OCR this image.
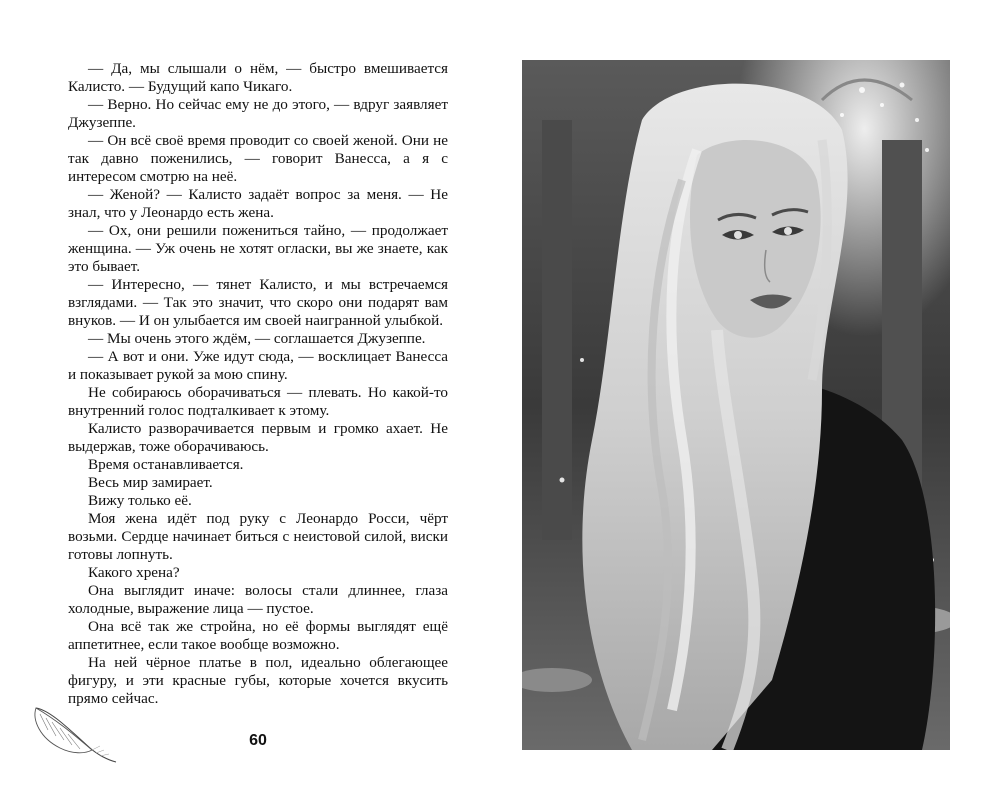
— Да, мы слышали о нём, — быстро вмешивается Калисто. — Будущий капо Чикаго.

— Верно. Но сейчас ему не до этого, — вдруг заявляет Джузеппе.

— Он всё своё время проводит со своей женой. Они не так давно поженились, — говорит Ванесса, а я с интересом смотрю на неё.

— Женой? — Калисто задаёт вопрос за меня. — Не знал, что у Леонардо есть жена.

— Ох, они решили пожениться тайно, — продолжает женщина. — Уж очень не хотят огласки, вы же знаете, как это бывает.

— Интересно, — тянет Калисто, и мы встречаемся взглядами. — Так это значит, что скоро они подарят вам внуков. — И он улыбается им своей наигранной улыбкой.

— Мы очень этого ждём, — соглашается Джузеппе.

— А вот и они. Уже идут сюда, — восклицает Ванесса и показывает рукой за мою спину.

Не собираюсь оборачиваться — плевать. Но какой-то внутренний голос подталкивает к этому.

Калисто разворачивается первым и громко ахает. Не выдержав, тоже оборачиваюсь.

Время останавливается.

Весь мир замирает.

Вижу только её.

Моя жена идёт под руку с Леонардо Росси, чёрт возьми. Сердце начинает биться с неистовой силой, виски готовы лопнуть.

Какого хрена?

Она выглядит иначе: волосы стали длиннее, глаза холодные, выражение лица — пустое.

Она всё так же стройна, но её формы выглядят ещё аппетитнее, если такое вообще возможно.

На ней чёрное платье в пол, идеально облегающее фигуру, и эти красные губы, которые хочется вкусить прямо сейчас.

60
